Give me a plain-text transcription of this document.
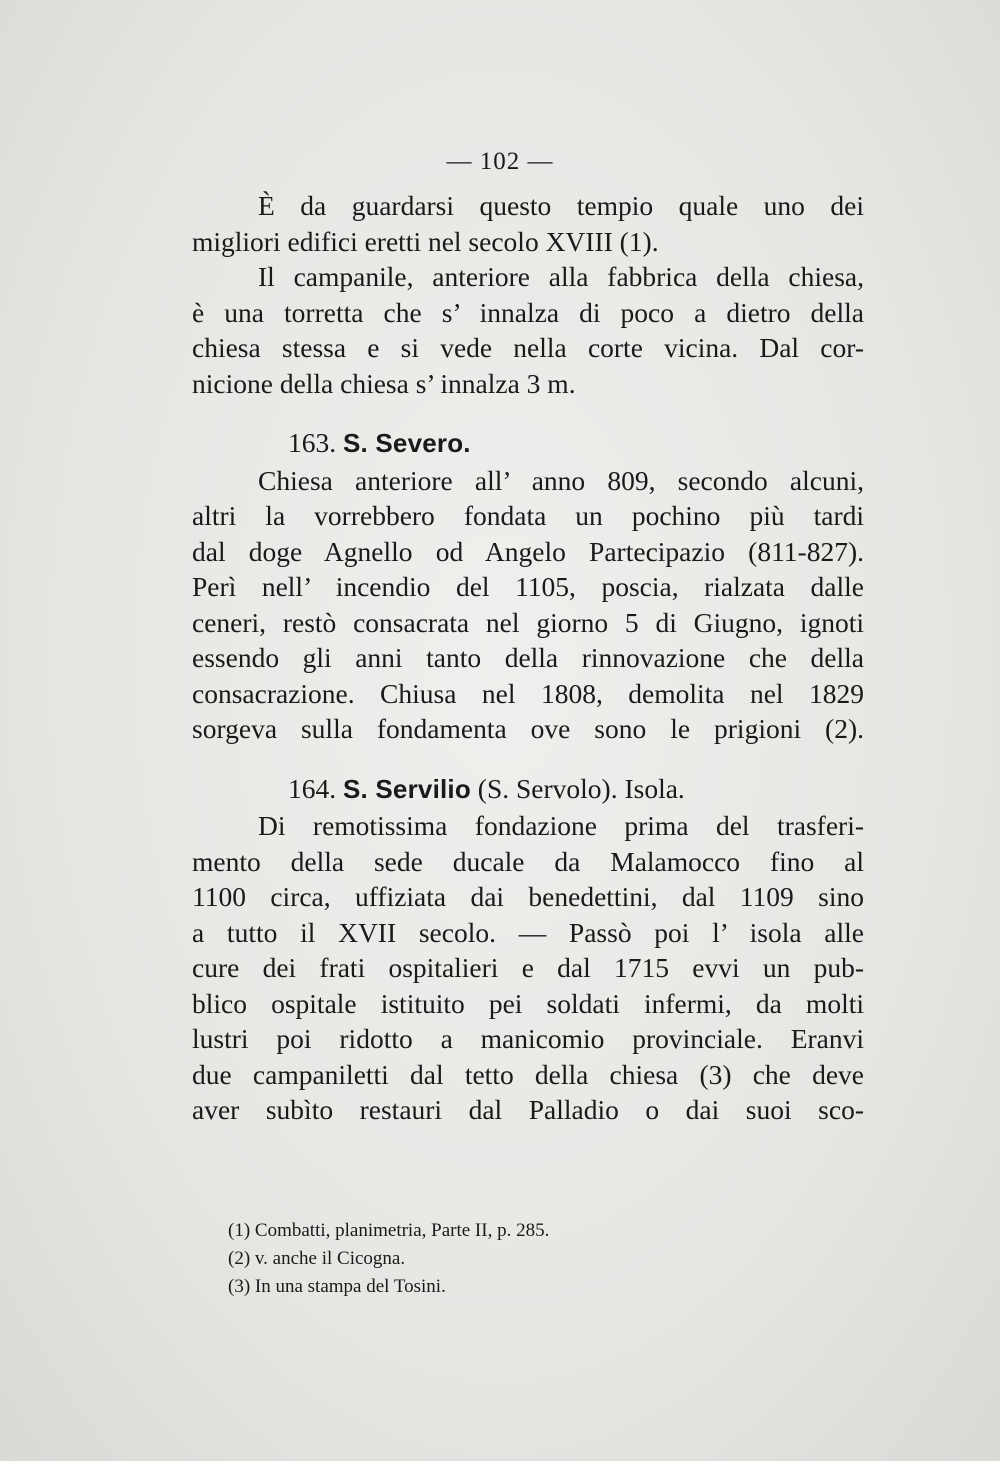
— 102 —
È da guardarsi questo tempio quale uno dei
migliori edifici eretti nel secolo XVIII (1).
Il campanile, anteriore alla fabbrica della chiesa,
è una torretta che s’ innalza di poco a dietro della
chiesa stessa e si vede nella corte vicina. Dal cor-
nicione della chiesa s’ innalza 3 m.
163. S. Severo.
Chiesa anteriore all’ anno 809, secondo alcuni,
altri la vorrebbero fondata un pochino più tardi
dal doge Agnello od Angelo Partecipazio (811-827).
Perì nell’ incendio del 1105, poscia, rialzata dalle
ceneri, restò consacrata nel giorno 5 di Giugno, ignoti
essendo gli anni tanto della rinnovazione che della
consacrazione. Chiusa nel 1808, demolita nel 1829
sorgeva sulla fondamenta ove sono le prigioni (2).
164. S. Servilio (S. Servolo). Isola.
Di remotissima fondazione prima del trasferi-
mento della sede ducale da Malamocco fino al
1100 circa, uffiziata dai benedettini, dal 1109 sino
a tutto il XVII secolo. — Passò poi l’ isola alle
cure dei frati ospitalieri e dal 1715 evvi un pub-
blico ospitale istituito pei soldati infermi, da molti
lustri poi ridotto a manicomio provinciale. Eranvi
due campaniletti dal tetto della chiesa (3) che deve
aver subìto restauri dal Palladio o dai suoi sco-
(1) Combatti, planimetria, Parte II, p. 285.
(2) v. anche il Cicogna.
(3) In una stampa del Tosini.
